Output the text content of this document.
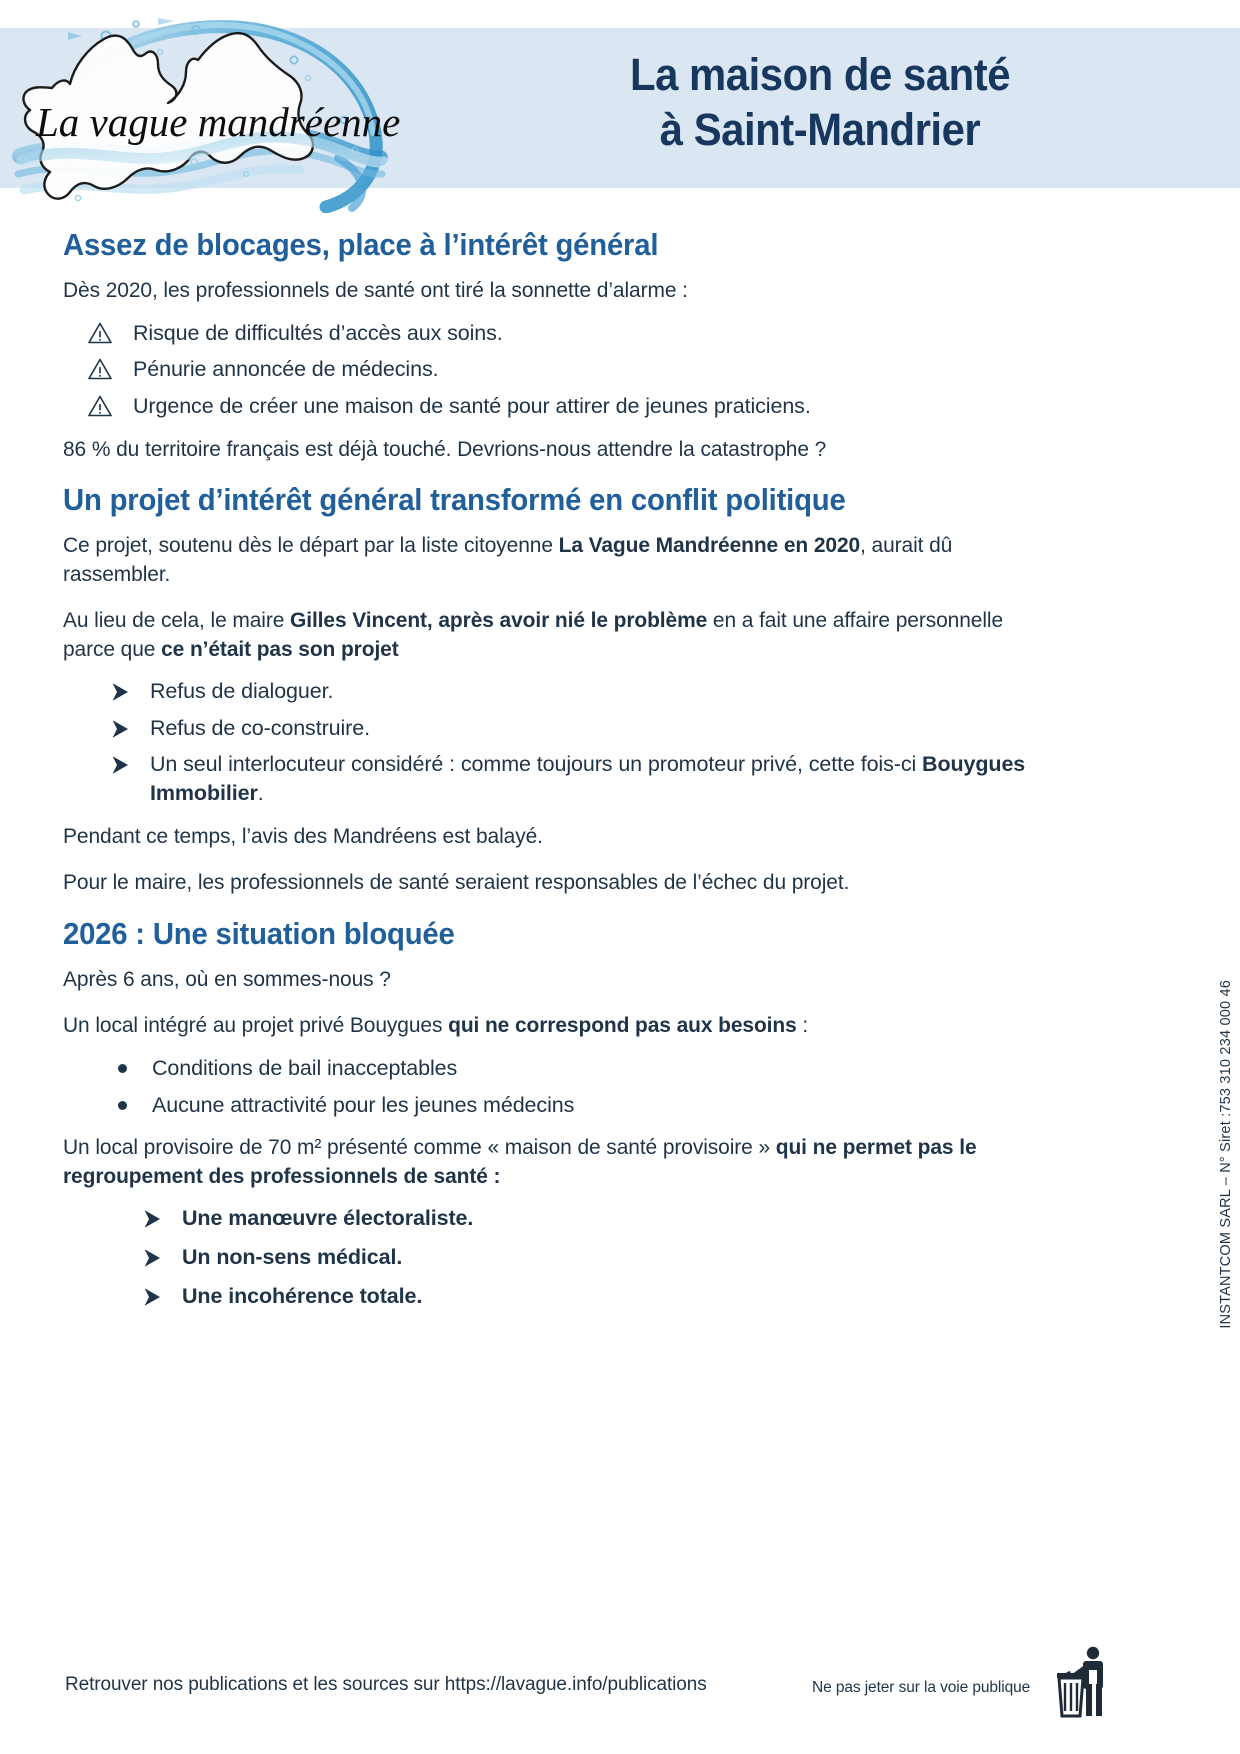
La vague mandréenne
La maison de santé
à Saint-Mandrier
Assez de blocages, place à l’intérêt général

Dès 2020, les professionnels de santé ont tiré la sonnette d’alarme :

Risque de difficultés d’accès aux soins.
Pénurie annoncée de médecins.
Urgence de créer une maison de santé pour attirer de jeunes praticiens.

86 % du territoire français est déjà touché. Devrions-nous attendre la catastrophe ?

Un projet d’intérêt général transformé en conflit politique

Ce projet, soutenu dès le départ par la liste citoyenne La Vague Mandréenne en 2020, aurait dû rassembler.

Au lieu de cela, le maire Gilles Vincent, après avoir nié le problème en a fait une affaire personnelle parce que ce n’était pas son projet

Refus de dialoguer.
Refus de co-construire.
Un seul interlocuteur considéré : comme toujours un promoteur privé, cette fois-ci Bouygues Immobilier.

Pendant ce temps, l’avis des Mandréens est balayé.

Pour le maire, les professionnels de santé seraient responsables de l’échec du projet.

2026 : Une situation bloquée

Après 6 ans, où en sommes-nous ?

Un local intégré au projet privé Bouygues qui ne correspond pas aux besoins :

Conditions de bail inacceptables
Aucune attractivité pour les jeunes médecins

Un local provisoire de 70 m² présenté comme « maison de santé provisoire » qui ne permet pas le regroupement des professionnels de santé :

Une manœuvre électoraliste.
Un non-sens médical.
Une incohérence totale.	INSTANTCOM SARL – N° Siret :753 310 234 000 46
Retrouver nos publications et les sources sur https://lavague.info/publications	Ne pas jeter sur la voie publique
